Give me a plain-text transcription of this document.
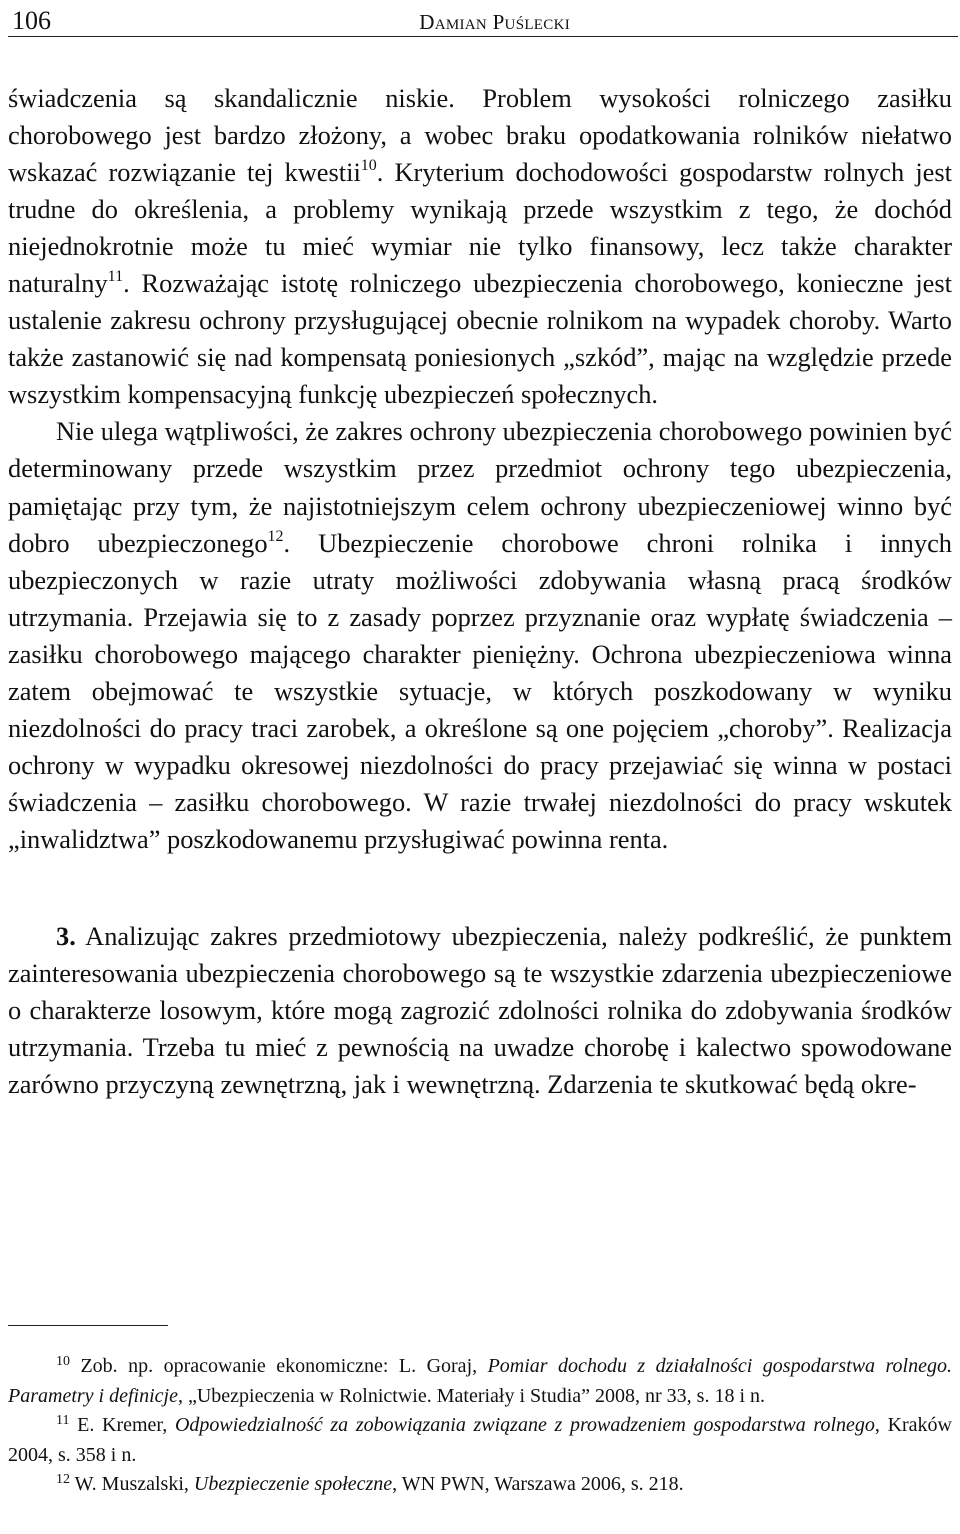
106	Damian Puślecki

świadczenia są skandalicznie niskie. Problem wysokości rolniczego zasiłku chorobowego jest bardzo złożony, a wobec braku opodatkowania rolników niełatwo wskazać rozwiązanie tej kwestii$^{10}$. Kryterium dochodowości gospodarstw rolnych jest trudne do określenia, a problemy wynikają przede wszystkim z tego, że dochód niejednokrotnie może tu mieć wymiar nie tylko finansowy, lecz także charakter naturalny$^{11}$. Rozważając istotę rolniczego ubezpieczenia chorobowego, konieczne jest ustalenie zakresu ochrony przysługującej obecnie rolnikom na wypadek choroby. Warto także zastanowić się nad kompensatą poniesionych „szkód”, mając na względzie przede wszystkim kompensacyjną funkcję ubezpieczeń społecznych.

Nie ulega wątpliwości, że zakres ochrony ubezpieczenia chorobowego powinien być determinowany przede wszystkim przez przedmiot ochrony tego ubezpieczenia, pamiętając przy tym, że najistotniejszym celem ochrony ubezpieczeniowej winno być dobro ubezpieczonego$^{12}$. Ubezpieczenie chorobowe chroni rolnika i innych ubezpieczonych w razie utraty możliwości zdobywania własną pracą środków utrzymania. Przejawia się to z zasady poprzez przyznanie oraz wypłatę świadczenia – zasiłku chorobowego mającego charakter pieniężny. Ochrona ubezpieczeniowa winna zatem obejmować te wszystkie sytuacje, w których poszkodowany w wyniku niezdolności do pracy traci zarobek, a określone są one pojęciem „choroby”. Realizacja ochrony w wypadku okresowej niezdolności do pracy przejawiać się winna w postaci świadczenia – zasiłku chorobowego. W razie trwałej niezdolności do pracy wskutek „inwalidztwa” poszkodowanemu przysługiwać powinna renta.

3. Analizując zakres przedmiotowy ubezpieczenia, należy podkreślić, że punktem zainteresowania ubezpieczenia chorobowego są te wszystkie zdarzenia ubezpieczeniowe o charakterze losowym, które mogą zagrozić zdolności rolnika do zdobywania środków utrzymania. Trzeba tu mieć z pewnością na uwadze chorobę i kalectwo spowodowane zarówno przyczyną zewnętrzną, jak i wewnętrzną. Zdarzenia te skutkować będą okre-

$^{10}$ Zob. np. opracowanie ekonomiczne: L. Goraj, Pomiar dochodu z działalności gospodarstwa rolnego. Parametry i definicje, „Ubezpieczenia w Rolnictwie. Materiały i Studia” 2008, nr 33, s. 18 i n.

$^{11}$ E. Kremer, Odpowiedzialność za zobowiązania związane z prowadzeniem gospodarstwa rolnego, Kraków 2004, s. 358 i n.

$^{12}$ W. Muszalski, Ubezpieczenie społeczne, WN PWN, Warszawa 2006, s. 218.
